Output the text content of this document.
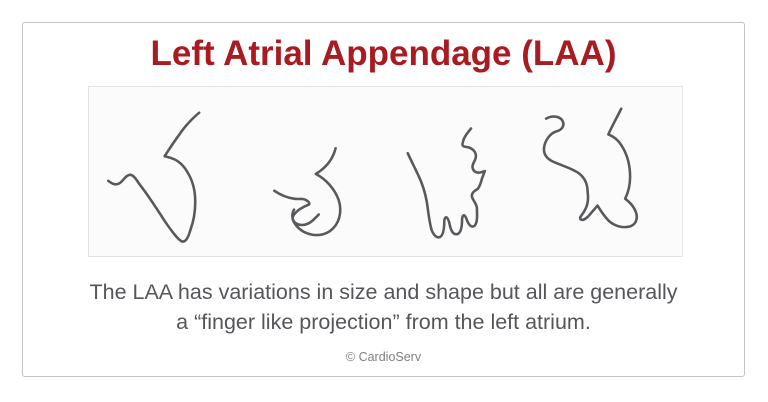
Left Atrial Appendage (LAA)
The LAA has variations in size and shape but all are generally
a “finger like projection” from the left atrium.
© CardioServ
